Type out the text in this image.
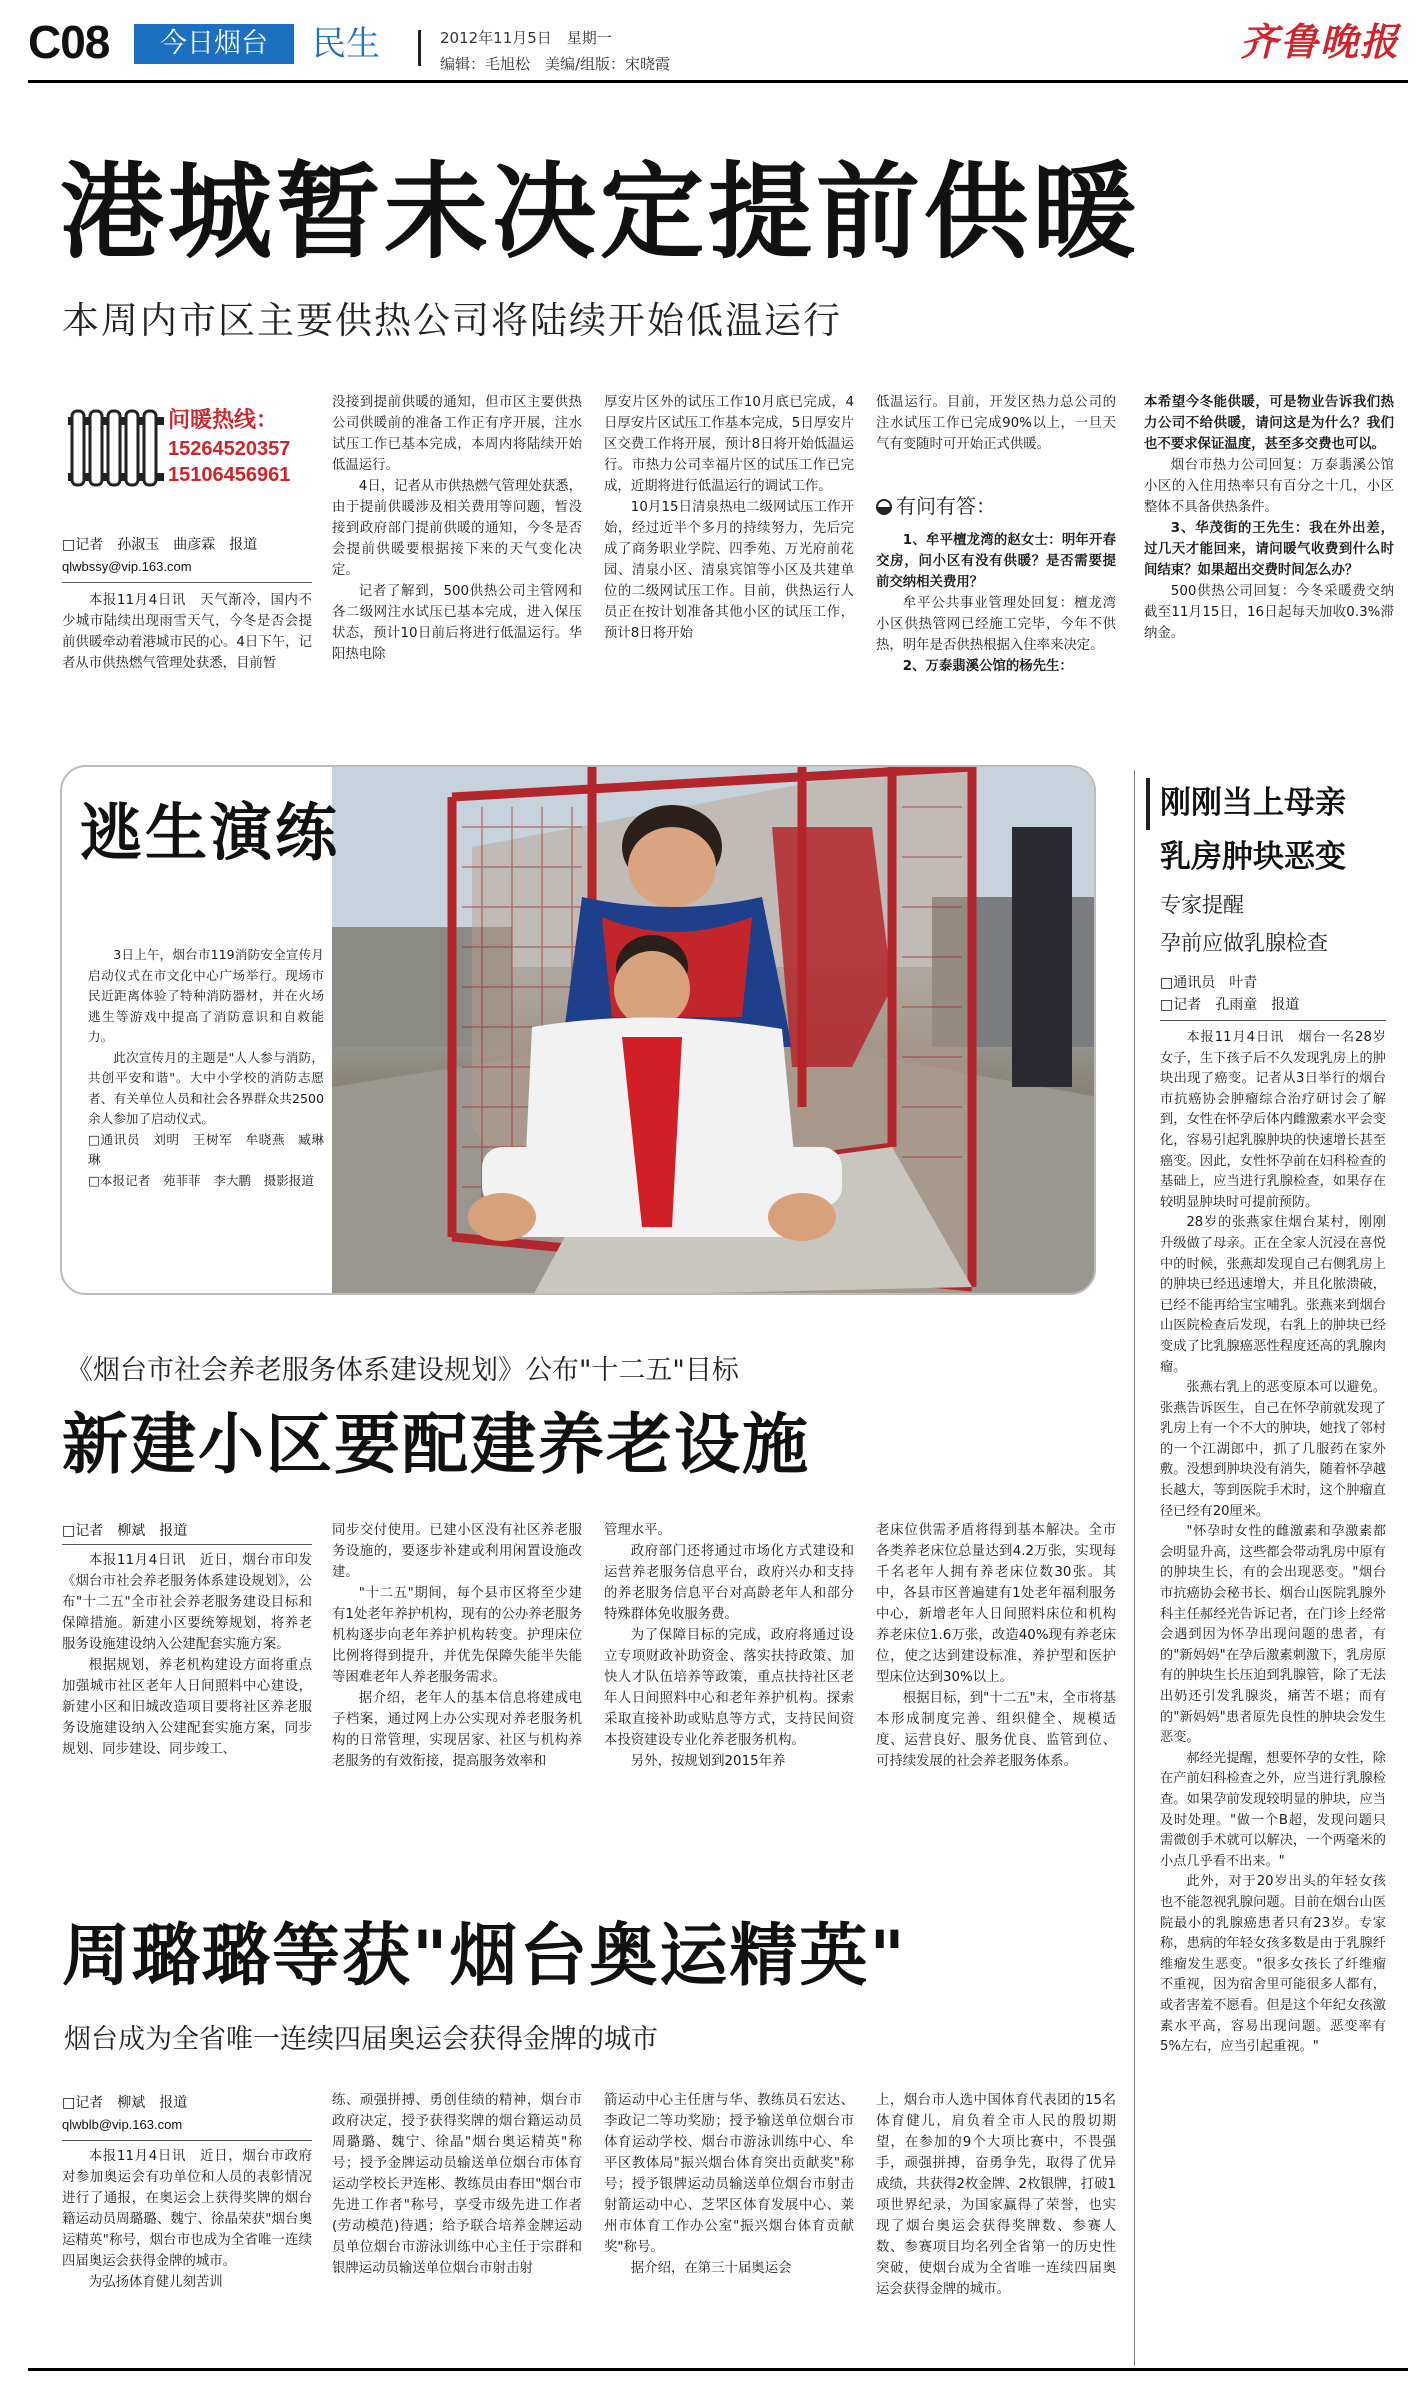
C08	今日烟台	民生	2012年11月5日　星期一
编辑：毛旭松　美编/组版：宋晓霞	齐鲁晚报
港城暂未决定提前供暖
本周内市区主要供热公司将陆续开始低温运行
问暖热线：
15264520357
15106456961
□记者　孙淑玉　曲彦霖　报道
qlwbssy@vip.163.com

本报11月4日讯　天气渐冷，国内不少城市陆续出现雨雪天气，今冬是否会提前供暖牵动着港城市民的心。4日下午，记者从市供热燃气管理处获悉，目前暂

没接到提前供暖的通知，但市区主要供热公司供暖前的准备工作正有序开展，注水试压工作已基本完成，本周内将陆续开始低温运行。

4日，记者从市供热燃气管理处获悉，由于提前供暖涉及相关费用等问题，暂没接到政府部门提前供暖的通知，今冬是否会提前供暖要根据接下来的天气变化决定。

记者了解到，500供热公司主管网和各二级网注水试压已基本完成，进入保压状态，预计10日前后将进行低温运行。华阳热电除

厚安片区外的试压工作10月底已完成，4日厚安片区试压工作基本完成，5日厚安片区交费工作将开展，预计8日将开始低温运行。市热力公司幸福片区的试压工作已完成，近期将进行低温运行的调试工作。

10月15日清泉热电二级网试压工作开始，经过近半个多月的持续努力，先后完成了商务职业学院、四季苑、万光府前花园、清泉小区、清泉宾馆等小区及共建单位的二级网试压工作。目前，供热运行人员正在按计划准备其他小区的试压工作，预计8日将开始

低温运行。目前，开发区热力总公司的注水试压工作已完成90%以上，一旦天气有变随时可开始正式供暖。

有问有答：

1、牟平檀龙湾的赵女士：明年开春交房，问小区有没有供暖？是否需要提前交纳相关费用？

牟平公共事业管理处回复：檀龙湾小区供热管网已经施工完毕，今年不供热，明年是否供热根据入住率来决定。

2、万泰翡溪公馆的杨先生：

本希望今冬能供暖，可是物业告诉我们热力公司不给供暖，请问这是为什么？我们也不要求保证温度，甚至多交费也可以。

烟台市热力公司回复：万泰翡溪公馆小区的入住用热率只有百分之十几，小区整体不具备供热条件。

3、华茂街的王先生：我在外出差，过几天才能回来，请问暖气收费到什么时间结束？如果超出交费时间怎么办？

500供热公司回复：今冬采暖费交纳截至11月15日，16日起每天加收0.3%滞纳金。

逃生演练

3日上午，烟台市119消防安全宣传月启动仪式在市文化中心广场举行。现场市民近距离体验了特种消防器材，并在火场逃生等游戏中提高了消防意识和自救能力。

此次宣传月的主题是"人人参与消防，共创平安和谐"。大中小学校的消防志愿者、有关单位人员和社会各界群众共2500余人参加了启动仪式。

□通讯员　刘明　王树军　牟晓燕　臧琳琳

□本报记者　苑菲菲　李大鹏　摄影报道

《烟台市社会养老服务体系建设规划》公布"十二五"目标
新建小区要配建养老设施
□记者　柳斌　报道

本报11月4日讯　近日，烟台市印发《烟台市社会养老服务体系建设规划》，公布"十二五"全市社会养老服务建设目标和保障措施。新建小区要统筹规划，将养老服务设施建设纳入公建配套实施方案。

根据规划，养老机构建设方面将重点加强城市社区老年人日间照料中心建设，新建小区和旧城改造项目要将社区养老服务设施建设纳入公建配套实施方案，同步规划、同步建设、同步竣工、

同步交付使用。已建小区没有社区养老服务设施的，要逐步补建或利用闲置设施改建。

"十二五"期间，每个县市区将至少建有1处老年养护机构，现有的公办养老服务机构逐步向老年养护机构转变。护理床位比例将得到提升，并优先保障失能半失能等困难老年人养老服务需求。

据介绍，老年人的基本信息将建成电子档案，通过网上办公实现对养老服务机构的日常管理，实现居家、社区与机构养老服务的有效衔接，提高服务效率和

管理水平。

政府部门还将通过市场化方式建设和运营养老服务信息平台，政府兴办和支持的养老服务信息平台对高龄老年人和部分特殊群体免收服务费。

为了保障目标的完成，政府将通过设立专项财政补助资金、落实扶持政策、加快人才队伍培养等政策，重点扶持社区老年人日间照料中心和老年养护机构。探索采取直接补助或贴息等方式，支持民间资本投资建设专业化养老服务机构。

另外，按规划到2015年养

老床位供需矛盾将得到基本解决。全市各类养老床位总量达到4.2万张，实现每千名老年人拥有养老床位数30张。其中，各县市区普遍建有1处老年福利服务中心，新增老年人日间照料床位和机构养老床位1.6万张，改造40%现有养老床位，使之达到建设标准，养护型和医护型床位达到30%以上。

根据目标，到"十二五"末，全市将基本形成制度完善、组织健全、规模适度、运营良好、服务优良、监管到位、可持续发展的社会养老服务体系。

周璐璐等获"烟台奥运精英"
烟台成为全省唯一连续四届奥运会获得金牌的城市
□记者　柳斌　报道
qlwblb@vip.163.com

本报11月4日讯　近日，烟台市政府对参加奥运会有功单位和人员的表彰情况进行了通报，在奥运会上获得奖牌的烟台籍运动员周璐璐、魏宁、徐晶荣获"烟台奥运精英"称号，烟台市也成为全省唯一连续四届奥运会获得金牌的城市。

为弘扬体育健儿刻苦训

练、顽强拼搏、勇创佳绩的精神，烟台市政府决定，授予获得奖牌的烟台籍运动员周璐璐、魏宁、徐晶"烟台奥运精英"称号；授予金牌运动员输送单位烟台市体育运动学校长尹连彬、教练员由春田"烟台市先进工作者"称号，享受市级先进工作者(劳动模范)待遇；给予联合培养金牌运动员单位烟台市游泳训练中心主任于宗群和银牌运动员输送单位烟台市射击射

箭运动中心主任唐与华、教练员石宏达、李政记二等功奖励；授予输送单位烟台市体育运动学校、烟台市游泳训练中心、牟平区教体局"振兴烟台体育突出贡献奖"称号；授予银牌运动员输送单位烟台市射击射箭运动中心、芝罘区体育发展中心、莱州市体育工作办公室"振兴烟台体育贡献奖"称号。

据介绍，在第三十届奥运会

上，烟台市人选中国体育代表团的15名体育健儿，肩负着全市人民的殷切期望，在参加的9个大项比赛中，不畏强手，顽强拼搏，奋勇争先，取得了优异成绩，共获得2枚金牌、2枚银牌，打破1项世界纪录，为国家赢得了荣誉，也实现了烟台奥运会获得奖牌数、参赛人数、参赛项目均名列全省第一的历史性突破，使烟台成为全省唯一连续四届奥运会获得金牌的城市。

刚刚当上母亲
乳房肿块恶变
专家提醒
孕前应做乳腺检查
□通讯员　叶青
□记者　孔雨童　报道

本报11月4日讯　烟台一名28岁女子，生下孩子后不久发现乳房上的肿块出现了癌变。记者从3日举行的烟台市抗癌协会肿瘤综合治疗研讨会了解到，女性在怀孕后体内雌激素水平会变化，容易引起乳腺肿块的快速增长甚至癌变。因此，女性怀孕前在妇科检查的基础上，应当进行乳腺检查，如果存在较明显肿块时可提前预防。

28岁的张燕家住烟台某村，刚刚升级做了母亲。正在全家人沉浸在喜悦中的时候，张燕却发现自己右侧乳房上的肿块已经迅速增大，并且化脓溃破，已经不能再给宝宝哺乳。张燕来到烟台山医院检查后发现，右乳上的肿块已经变成了比乳腺癌恶性程度还高的乳腺肉瘤。

张燕右乳上的恶变原本可以避免。张燕告诉医生，自己在怀孕前就发现了乳房上有一个不大的肿块，她找了邻村的一个江湖郎中，抓了几服药在家外敷。没想到肿块没有消失，随着怀孕越长越大，等到医院手术时，这个肿瘤直径已经有20厘米。

"怀孕时女性的雌激素和孕激素都会明显升高，这些都会带动乳房中原有的肿块生长，有的会出现恶变。"烟台市抗癌协会秘书长、烟台山医院乳腺外科主任郝经光告诉记者，在门诊上经常会遇到因为怀孕出现问题的患者，有的"新妈妈"在孕后激素刺激下，乳房原有的肿块生长压迫到乳腺管，除了无法出奶还引发乳腺炎，痛苦不堪；而有的"新妈妈"患者原先良性的肿块会发生恶变。

郝经光提醒，想要怀孕的女性，除在产前妇科检查之外，应当进行乳腺检查。如果孕前发现较明显的肿块，应当及时处理。"做一个B超，发现问题只需微创手术就可以解决，一个两毫米的小点几乎看不出来。"

此外，对于20岁出头的年轻女孩也不能忽视乳腺问题。目前在烟台山医院最小的乳腺癌患者只有23岁。专家称，患病的年轻女孩多数是由于乳腺纤维瘤发生恶变。"很多女孩长了纤维瘤不重视，因为宿舍里可能很多人都有，或者害羞不愿看。但是这个年纪女孩激素水平高，容易出现问题。恶变率有5%左右，应当引起重视。"
